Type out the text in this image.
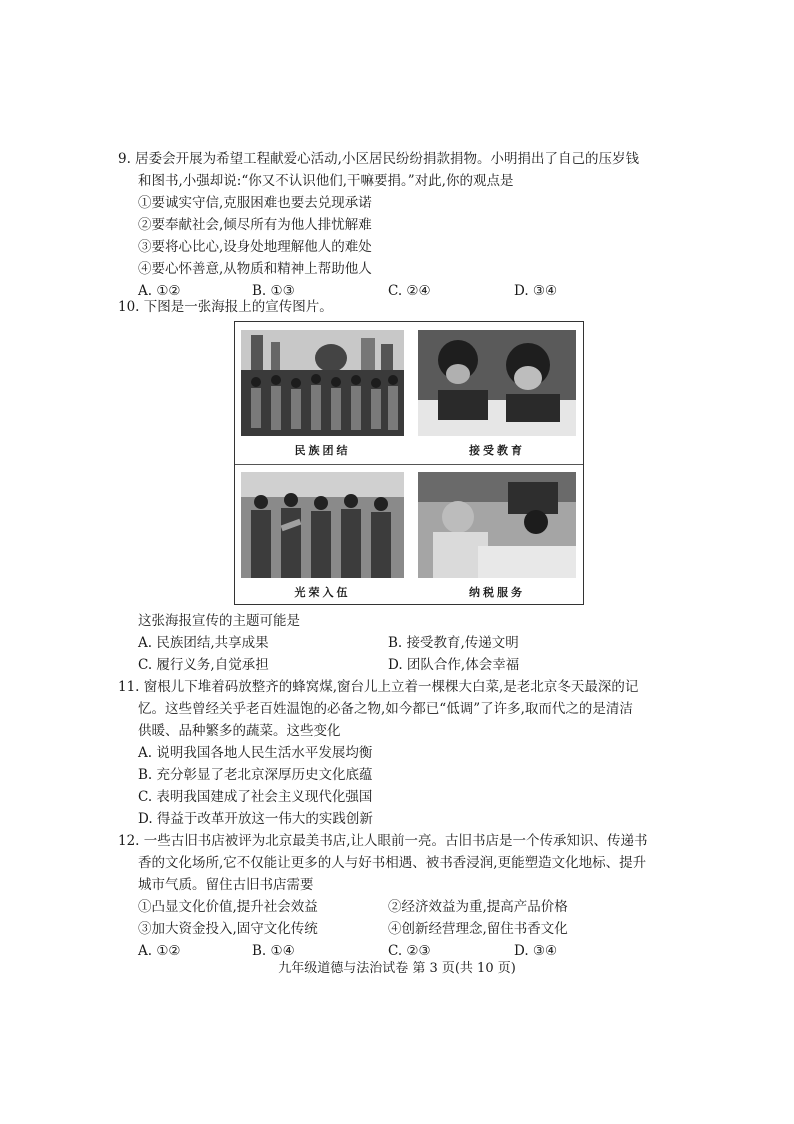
9. 居委会开展为希望工程献爱心活动,小区居民纷纷捐款捐物。小明捐出了自己的压岁钱
和图书,小强却说:“你又不认识他们,干嘛要捐。”对此,你的观点是
①要诚实守信,克服困难也要去兑现承诺
②要奉献社会,倾尽所有为他人排忧解难
③要将心比心,设身处地理解他人的难处
④要心怀善意,从物质和精神上帮助他人
A. ①②	B. ①③	C. ②④	D. ③④
10. 下图是一张海报上的宣传图片。
民族团结	接受教育
光荣入伍	纳税服务
这张海报宣传的主题可能是
A. 民族团结,共享成果	B. 接受教育,传递文明
C. 履行义务,自觉承担	D. 团队合作,体会幸福
11. 窗根儿下堆着码放整齐的蜂窝煤,窗台儿上立着一棵棵大白菜,是老北京冬天最深的记
忆。这些曾经关乎老百姓温饱的必备之物,如今都已“低调”了许多,取而代之的是清洁
供暖、品种繁多的蔬菜。这些变化
A. 说明我国各地人民生活水平发展均衡
B. 充分彰显了老北京深厚历史文化底蕴
C. 表明我国建成了社会主义现代化强国
D. 得益于改革开放这一伟大的实践创新
12. 一些古旧书店被评为北京最美书店,让人眼前一亮。古旧书店是一个传承知识、传递书
香的文化场所,它不仅能让更多的人与好书相遇、被书香浸润,更能塑造文化地标、提升
城市气质。留住古旧书店需要
①凸显文化价值,提升社会效益	②经济效益为重,提高产品价格
③加大资金投入,固守文化传统	④创新经营理念,留住书香文化
A. ①②	B. ①④	C. ②③	D. ③④
九年级道德与法治试卷 第 3 页(共 10 页)
